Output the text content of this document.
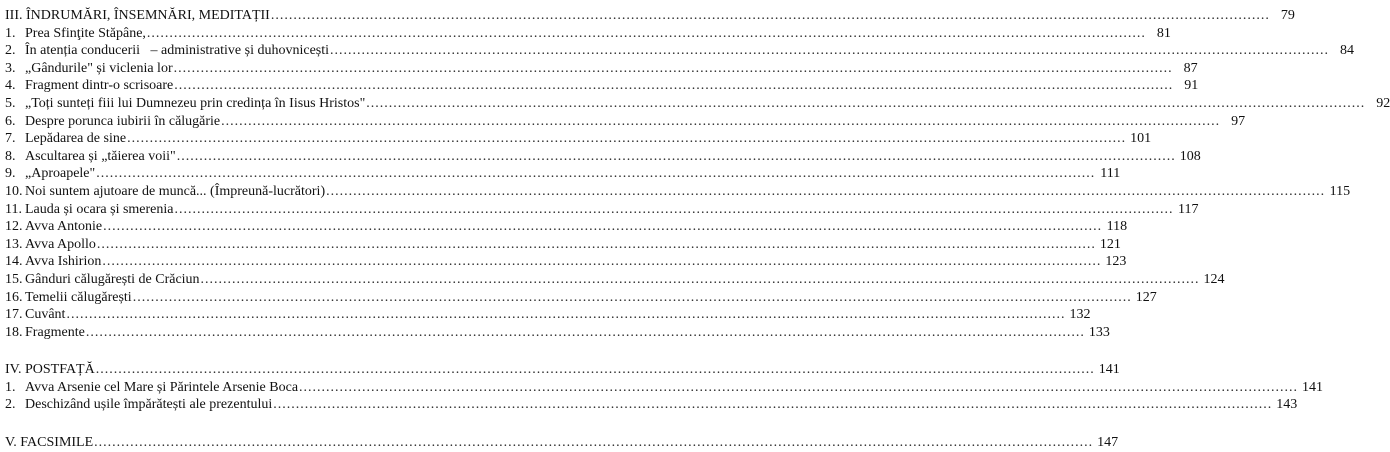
III. ÎNDRUMĂRI, ÎNSEMNĂRI, MEDITAȚII .....	79
1. Prea Sfinţite Stăpâne, .....	81
2. În atenția conducerii   – administrative și duhovnicești .....	84
3. „Gândurile" și viclenia lor .....	87
4. Fragment dintr-o scrisoare .....	91
5. „Toți sunteți fiii lui Dumnezeu prin credința în Iisus Hristos" .....	92
6. Despre porunca iubirii în călugărie .....	97
7. Lepădarea de sine .....	101
8. Ascultarea și „tăierea voii" .....	108
9. „Aproapele" .....	111
10. Noi suntem ajutoare de muncă... (Împreună-lucrători) .....	115
11. Lauda și ocara și smerenia .....	117
12. Avva Antonie .....	118
13. Avva Apollo .....	121
14. Avva Ishirion .....	123
15. Gânduri călugărești de Crăciun .....	124
16. Temelii călugărești .....	127
17. Cuvânt .....	132
18. Fragmente .....	133
IV. POSTFAȚĂ .....	141
1. Avva Arsenie cel Mare și Părintele Arsenie Boca .....	141
2. Deschizând ușile împărătești ale prezentului .....	143
V. FACSIMILE .....	147
